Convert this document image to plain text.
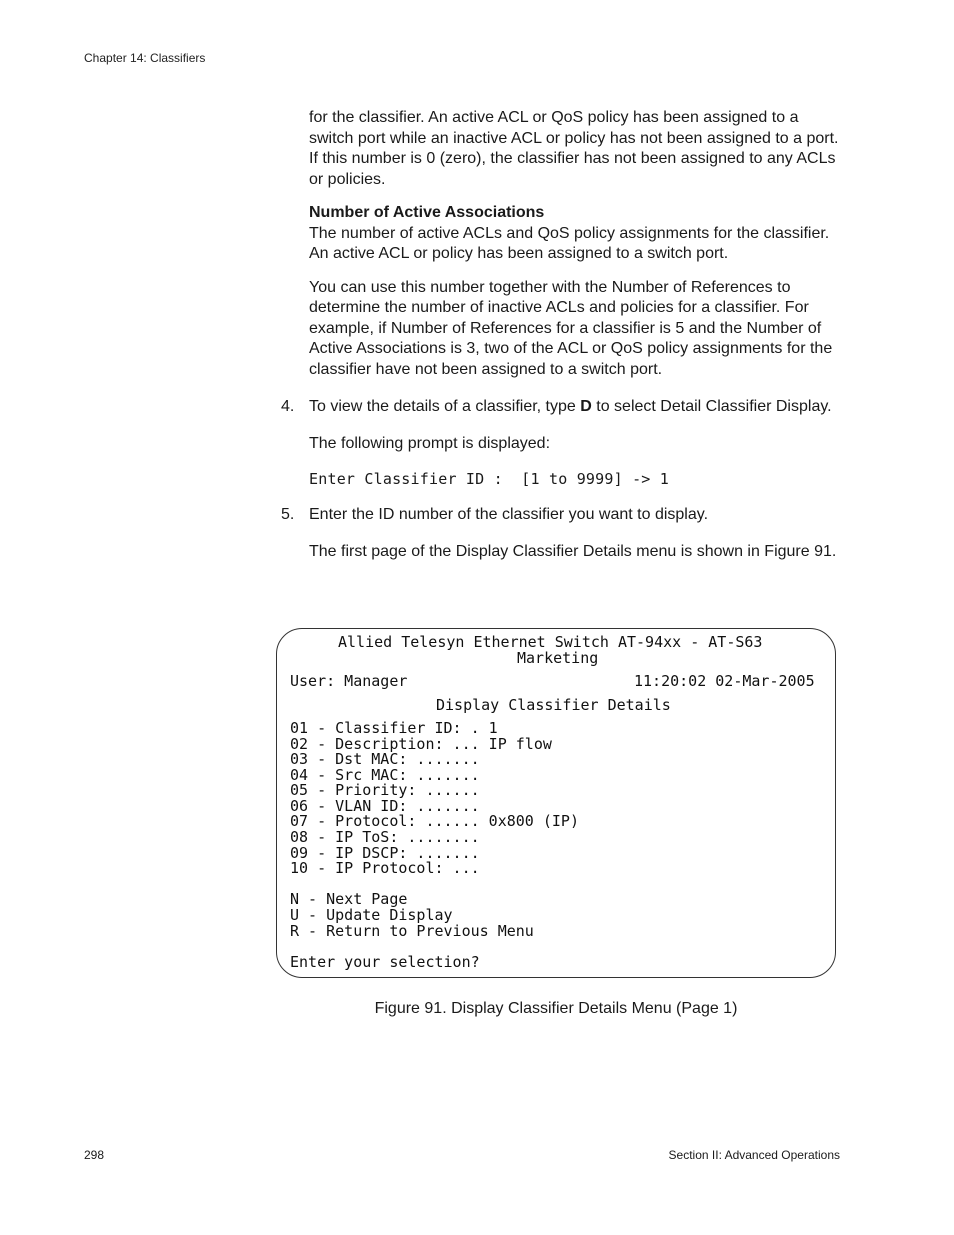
Chapter 14: Classifiers

for the classifier. An active ACL or QoS policy has been assigned to a switch port while an inactive ACL or policy has not been assigned to a port. If this number is 0 (zero), the classifier has not been assigned to any ACLs or policies.

Number of Active Associations

The number of active ACLs and QoS policy assignments for the classifier. An active ACL or policy has been assigned to a switch port.

You can use this number together with the Number of References to determine the number of inactive ACLs and policies for a classifier. For example, if Number of References for a classifier is 5 and the Number of Active Associations is 3, two of the ACL or QoS policy assignments for the classifier have not been assigned to a switch port.

4. To view the details of a classifier, type D to select Detail Classifier Display.

The following prompt is displayed:

Enter Classifier ID :  [1 to 9999] -> 1

5. Enter the ID number of the classifier you want to display.

The first page of the Display Classifier Details menu is shown in Figure 91.

Allied Telesyn Ethernet Switch AT-94xx - AT-S63
Marketing
User: Manager	11:20:02 02-Mar-2005
Display Classifier Details
01 - Classifier ID: . 1
02 - Description: ... IP flow
03 - Dst MAC: .......
04 - Src MAC: .......
05 - Priority: ......
06 - VLAN ID: .......
07 - Protocol: ...... 0x800 (IP)
08 - IP ToS: ........
09 - IP DSCP: .......
10 - IP Protocol: ...
N - Next Page
U - Update Display
R - Return to Previous Menu
Enter your selection?
Figure 91. Display Classifier Details Menu (Page 1)
298	Section II: Advanced Operations
